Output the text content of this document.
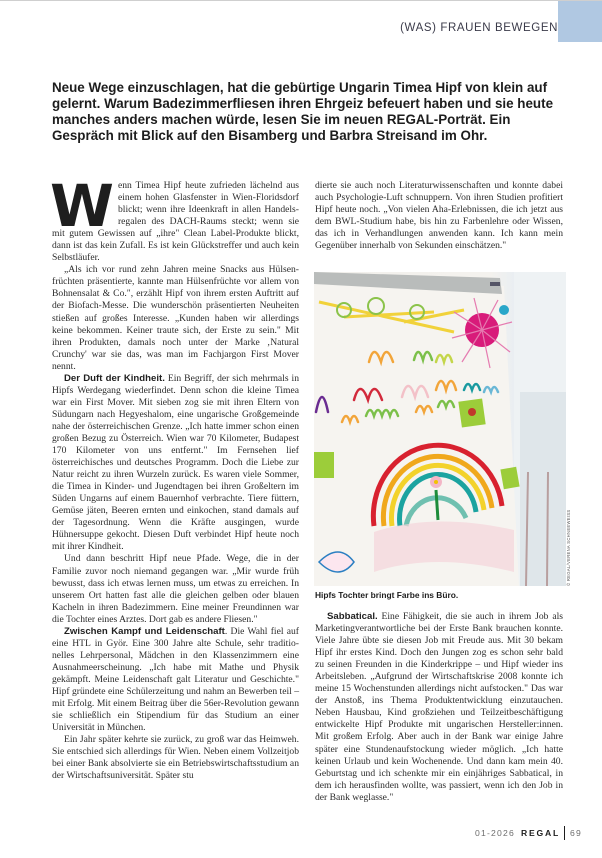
(WAS) FRAUEN BEWEGEN
Neue Wege einzuschlagen, hat die gebürtige Ungarin Timea Hipf von klein auf gelernt. Warum Badezimmerfliesen ihren Ehrgeiz befeuert haben und sie heute manches anders machen würde, lesen Sie im neuen REGAL-Porträt. Ein Gespräch mit Blick auf den Bisamberg und Barbra Streisand im Ohr.

Wenn Timea Hipf heute zufrieden lächelnd aus einem hohen Glasfenster in Wien-Floridsdorf blickt; wenn ihre Ideenkraft in allen Handelsregalen des DACH-Raums steckt; wenn sie mit gutem Gewissen auf „ihre" Clean Label-Produkte blickt, dann ist das kein Zufall. Es ist kein Glückstreffer und auch kein Selbstläufer.

„Als ich vor rund zehn Jahren meine Snacks aus Hülsenfrüchten präsentierte, kannte man Hülsenfrüchte vor allem von Bohnensalat & Co.", erzählt Hipf von ihrem ersten Auftritt auf der Biofach-Messe. Die wunderschön präsentierten Neuheiten stießen auf großes Interesse. „Kunden haben wir allerdings keine bekommen. Keiner traute sich, der Erste zu sein." Mit ihren Produkten, damals noch unter der Marke ‚Natural Crunchy' war sie das, was man im Fachjargon First Mover nennt.

Der Duft der Kindheit. Ein Begriff, der sich mehrmals in Hipfs Werdegang wiederfindet. Denn schon die kleine Timea war ein First Mover. Mit sieben zog sie mit ihren Eltern von Südungarn nach Hegyeshalom, eine ungarische Großgemeinde nahe der österreichischen Grenze. „Ich hatte immer schon einen großen Bezug zu Österreich. Wien war 70 Kilometer, Budapest 170 Kilometer von uns entfernt." Im Fernsehen lief österreichisches und deutsches Programm. Doch die Liebe zur Natur reicht zu ihren Wurzeln zurück. Es waren viele Sommer, die Timea in Kinder- und Jugendtagen bei ihren Großeltern im Süden Ungarns auf einem Bauernhof verbrachte. Tiere füttern, Gemüse jäten, Beeren ernten und einkochen, stand damals auf der Tagesordnung. Wenn die Kräfte ausgingen, wurde Hühnersuppe gekocht. Diesen Duft verbindet Hipf heute noch mit ihrer Kindheit.

Und dann beschritt Hipf neue Pfade. Wege, die in der Familie zuvor noch niemand gegangen war. „Mir wurde früh bewusst, dass ich etwas lernen muss, um etwas zu erreichen. In unserem Ort hatten fast alle die gleichen gelben oder blauen Kacheln in ihren Badezimmern. Eine meiner Freundinnen war die Tochter eines Arztes. Dort gab es andere Fliesen."

Zwischen Kampf und Leidenschaft. Die Wahl fiel auf eine HTL in Györ. Eine 300 Jahre alte Schule, sehr traditionelles Lehrpersonal, Mädchen in den Klassenzimmern eine Ausnahmeerscheinung. „Ich habe mit Mathe und Physik gekämpft. Meine Leidenschaft galt Literatur und Geschichte." Hipf gründete eine Schülerzeitung und nahm an Bewerben teil – mit Erfolg. Mit einem Beitrag über die 56er-Revolution gewann sie schließlich ein Stipendium für das Studium an einer Universität in München.

Ein Jahr später kehrte sie zurück, zu groß war das Heimweh. Sie entschied sich allerdings für Wien. Neben einem Vollzeitjob bei einer Bank absolvierte sie ein Betriebswirtschaftsstudium an der Wirtschaftsuniversität. Später stu

dierte sie auch noch Literaturwissenschaften und konnte dabei auch Psychologie-Luft schnuppern. Von ihren Studien profitiert Hipf heute noch. „Von vielen Aha-Erlebnissen, die ich jetzt aus dem BWL-Studium habe, bis hin zu Farbenlehre oder Wissen, das ich in Verhandlungen anwenden kann. Ich kann mein Gegenüber innerhalb von Sekunden einschätzen."

© REGAL/VERENA SCHNEEWEISS
Hipfs Tochter bringt Farbe ins Büro.

Sabbatical. Eine Fähigkeit, die sie auch in ihrem Job als Marketingverantwortliche bei der Erste Bank brauchen konnte. Viele Jahre übte sie diesen Job mit Freude aus. Mit 30 bekam Hipf ihr erstes Kind. Doch den Jungen zog es schon sehr bald zu seinen Freunden in die Kinderkrippe – und Hipf wieder ins Arbeitsleben. „Aufgrund der Wirtschaftskrise 2008 konnte ich meine 15 Wochenstunden allerdings nicht aufstocken." Das war der Anstoß, ins Thema Produktentwicklung einzutauchen. Neben Hausbau, Kind großziehen und Teilzeitbeschäftigung entwickelte Hipf Produkte mit ungarischen Hersteller:innen. Mit großem Erfolg. Aber auch in der Bank war einige Jahre später eine Stundenaufstockung wieder möglich. „Ich hatte keinen Urlaub und kein Wochenende. Und dann kam mein 40. Geburtstag und ich schenkte mir ein einjähriges Sabbatical, in dem ich herausfinden wollte, was passiert, wenn ich den Job in der Bank weglasse."

01-2026 REGAL 69
